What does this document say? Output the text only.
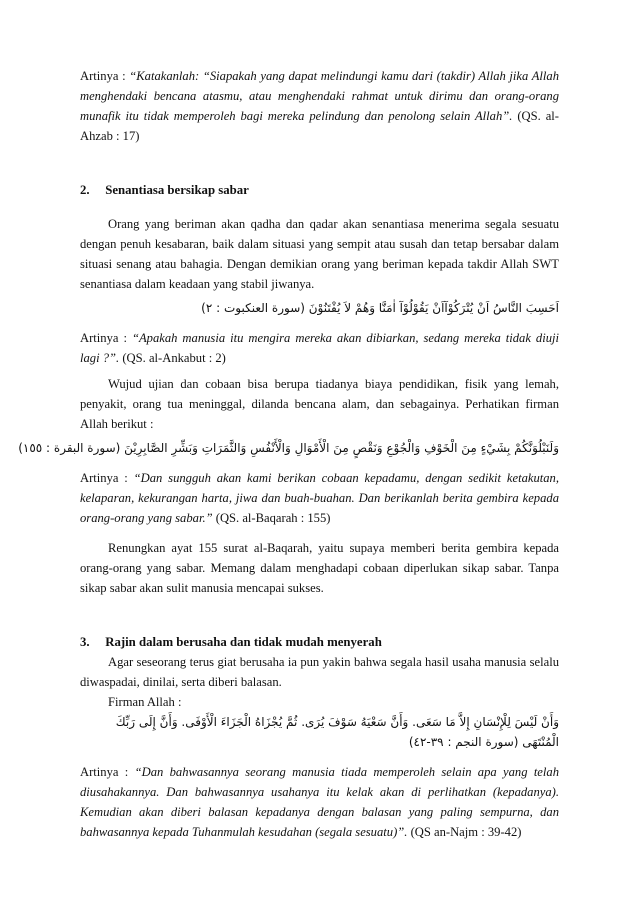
Artinya : “Katakanlah: “Siapakah yang dapat melindungi kamu dari (takdir) Allah jika Allah menghendaki bencana atasmu, atau menghendaki rahmat untuk dirimu dan orang-orang munafik itu tidak memperoleh bagi mereka pelindung dan penolong selain Allah”. (QS. al-Ahzab : 17)

2. Senantiasa bersikap sabar

Orang yang beriman akan qadha dan qadar akan senantiasa menerima segala sesuatu dengan penuh kesabaran, baik dalam situasi yang sempit atau susah dan tetap bersabar dalam situasi senang atau bahagia. Dengan demikian orang yang beriman kepada takdir Allah SWT senantiasa dalam keadaan yang stabil jiwanya.

اَحَسِبَ النَّاسُ اَنْ يُتْرَكُوْآاَنْ يَقُوْلُوْآ اٰمَنَّا وَهُمْ لاَ يُفْتَنُوْنَ (سورة العنكبوت : ٢)

Artinya : “Apakah manusia itu mengira mereka akan dibiarkan, sedang mereka tidak diuji lagi ?”. (QS. al-Ankabut : 2)

Wujud ujian dan cobaan bisa berupa tiadanya biaya pendidikan, fisik yang lemah, penyakit, orang tua meninggal, dilanda bencana alam, dan sebagainya. Perhatikan firman Allah berikut :

وَلَنَبْلُوَنَّكُمْ بِشَيْءٍ مِنَ الْخَوْفِ وَالْجُوْعِ وَنَقْصٍ مِنَ الْأَمْوَالِ وَالْأَنْفُسِ وَالثَّمَرَاتِ وَبَشِّرِ الصَّابِرِيْنَ (سورة البقرة : ١٥٥)

Artinya : “Dan sungguh akan kami berikan cobaan kepadamu, dengan sedikit ketakutan, kelaparan, kekurangan harta, jiwa dan buah-buahan. Dan berikanlah berita gembira kepada orang-orang yang sabar.” (QS. al-Baqarah : 155)

Renungkan ayat 155 surat al-Baqarah, yaitu supaya memberi berita gembira kepada orang-orang yang sabar. Memang dalam menghadapi cobaan diperlukan sikap sabar. Tanpa sikap sabar akan sulit manusia mencapai sukses.

3. Rajin dalam berusaha dan tidak mudah menyerah

Agar seseorang terus giat berusaha ia pun yakin bahwa segala hasil usaha manusia selalu diwaspadai, dinilai, serta diberi balasan.

Firman Allah :

وَأَنْ لَيْسَ لِلْإِنْسَانِ إِلاَّ مَا سَعَى. وَأَنَّ سَعْيَهُ سَوْفَ يُرَى. ثُمَّ يُجْزَاهُ الْجَزَاءَ الْأَوْفَى. وَأَنَّ إِلَى رَبِّكَ الْمُنْتَهَى (سورة النجم : ٣٩-٤٢)

Artinya : “Dan bahwasannya seorang manusia tiada memperoleh selain apa yang telah diusahakannya. Dan bahwasannya usahanya itu kelak akan di perlihatkan (kepadanya). Kemudian akan diberi balasan kepadanya dengan balasan yang paling sempurna, dan bahwasannya kepada Tuhanmulah kesudahan (segala sesuatu)”. (QS an-Najm : 39-42)
